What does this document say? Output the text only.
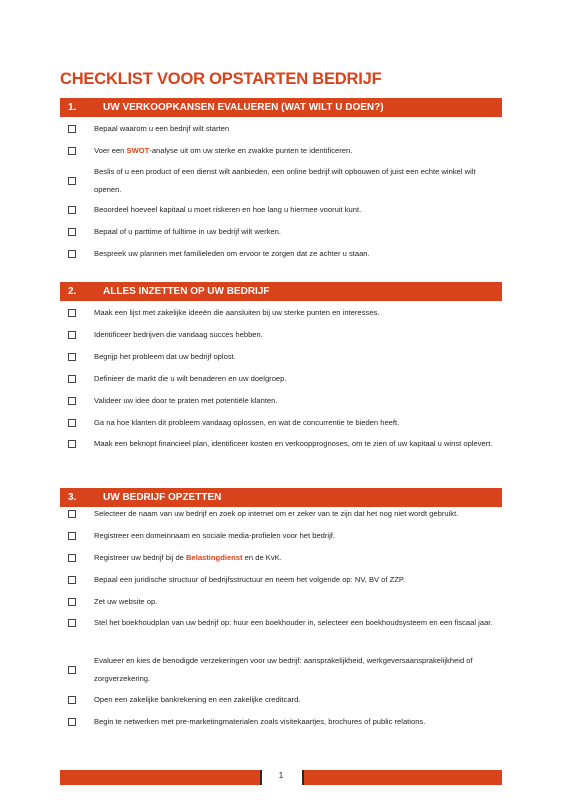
CHECKLIST VOOR OPSTARTEN BEDRIJF
1.	UW VERKOOPKANSEN EVALUEREN (WAT WILT U DOEN?)
Bepaal waarom u een bedrijf wilt starten
Voer een SWOT-analyse uit om uw sterke en zwakke punten te identificeren.
Beslis of u een product of een dienst wilt aanbieden, een online bedrijf wilt opbouwen of juist een echte winkel wilt openen.
Beoordeel hoeveel kapitaal u moet riskeren en hoe lang u hiermee vooruit kunt.
Bepaal of u parttime of fulltime in uw bedrijf wilt werken.
Bespreek uw plannen met familieleden om ervoor te zorgen dat ze achter u staan.
2.	ALLES INZETTEN OP UW BEDRIJF
Maak een lijst met zakelijke ideeën die aansluiten bij uw sterke punten en interesses.
Identificeer bedrijven die vandaag succes hebben.
Begrijp het probleem dat uw bedrijf oplost.
Definieer de markt die u wilt benaderen en uw doelgroep.
Valideer uw idee door te praten met potentiële klanten.
Ga na hoe klanten dit probleem vandaag oplossen, en wat de concurrentie te bieden heeft.
Maak een beknopt financieel plan, identificeer kosten en verkoopprognoses, om te zien of uw kapitaal u winst oplevert.
3.	UW BEDRIJF OPZETTEN
Selecteer de naam van uw bedrijf en zoek op internet om er zeker van te zijn dat het nog niet wordt gebruikt.
Registreer een domeinnaam en sociale media-profielen voor het bedrijf.
Registreer uw bedrijf bij de Belastingdienst en de KvK.
Bepaal een juridische structuur of bedrijfsstructuur en neem het volgende op: NV, BV of ZZP.
Zet uw website op.
Stel het boekhoudplan van uw bedrijf op: huur een boekhouder in, selecteer een boekhoudsysteem en een fiscaal jaar.
Evalueer en kies de benodigde verzekeringen voor uw bedrijf: aansprakelijkheid, werkgeversaansprakelijkheid of zorgverzekering.
Open een zakelijke bankrekening en een zakelijke creditcard.
Begin te netwerken met pre-marketingmaterialen zoals visitekaartjes, brochures of public relations.
1
